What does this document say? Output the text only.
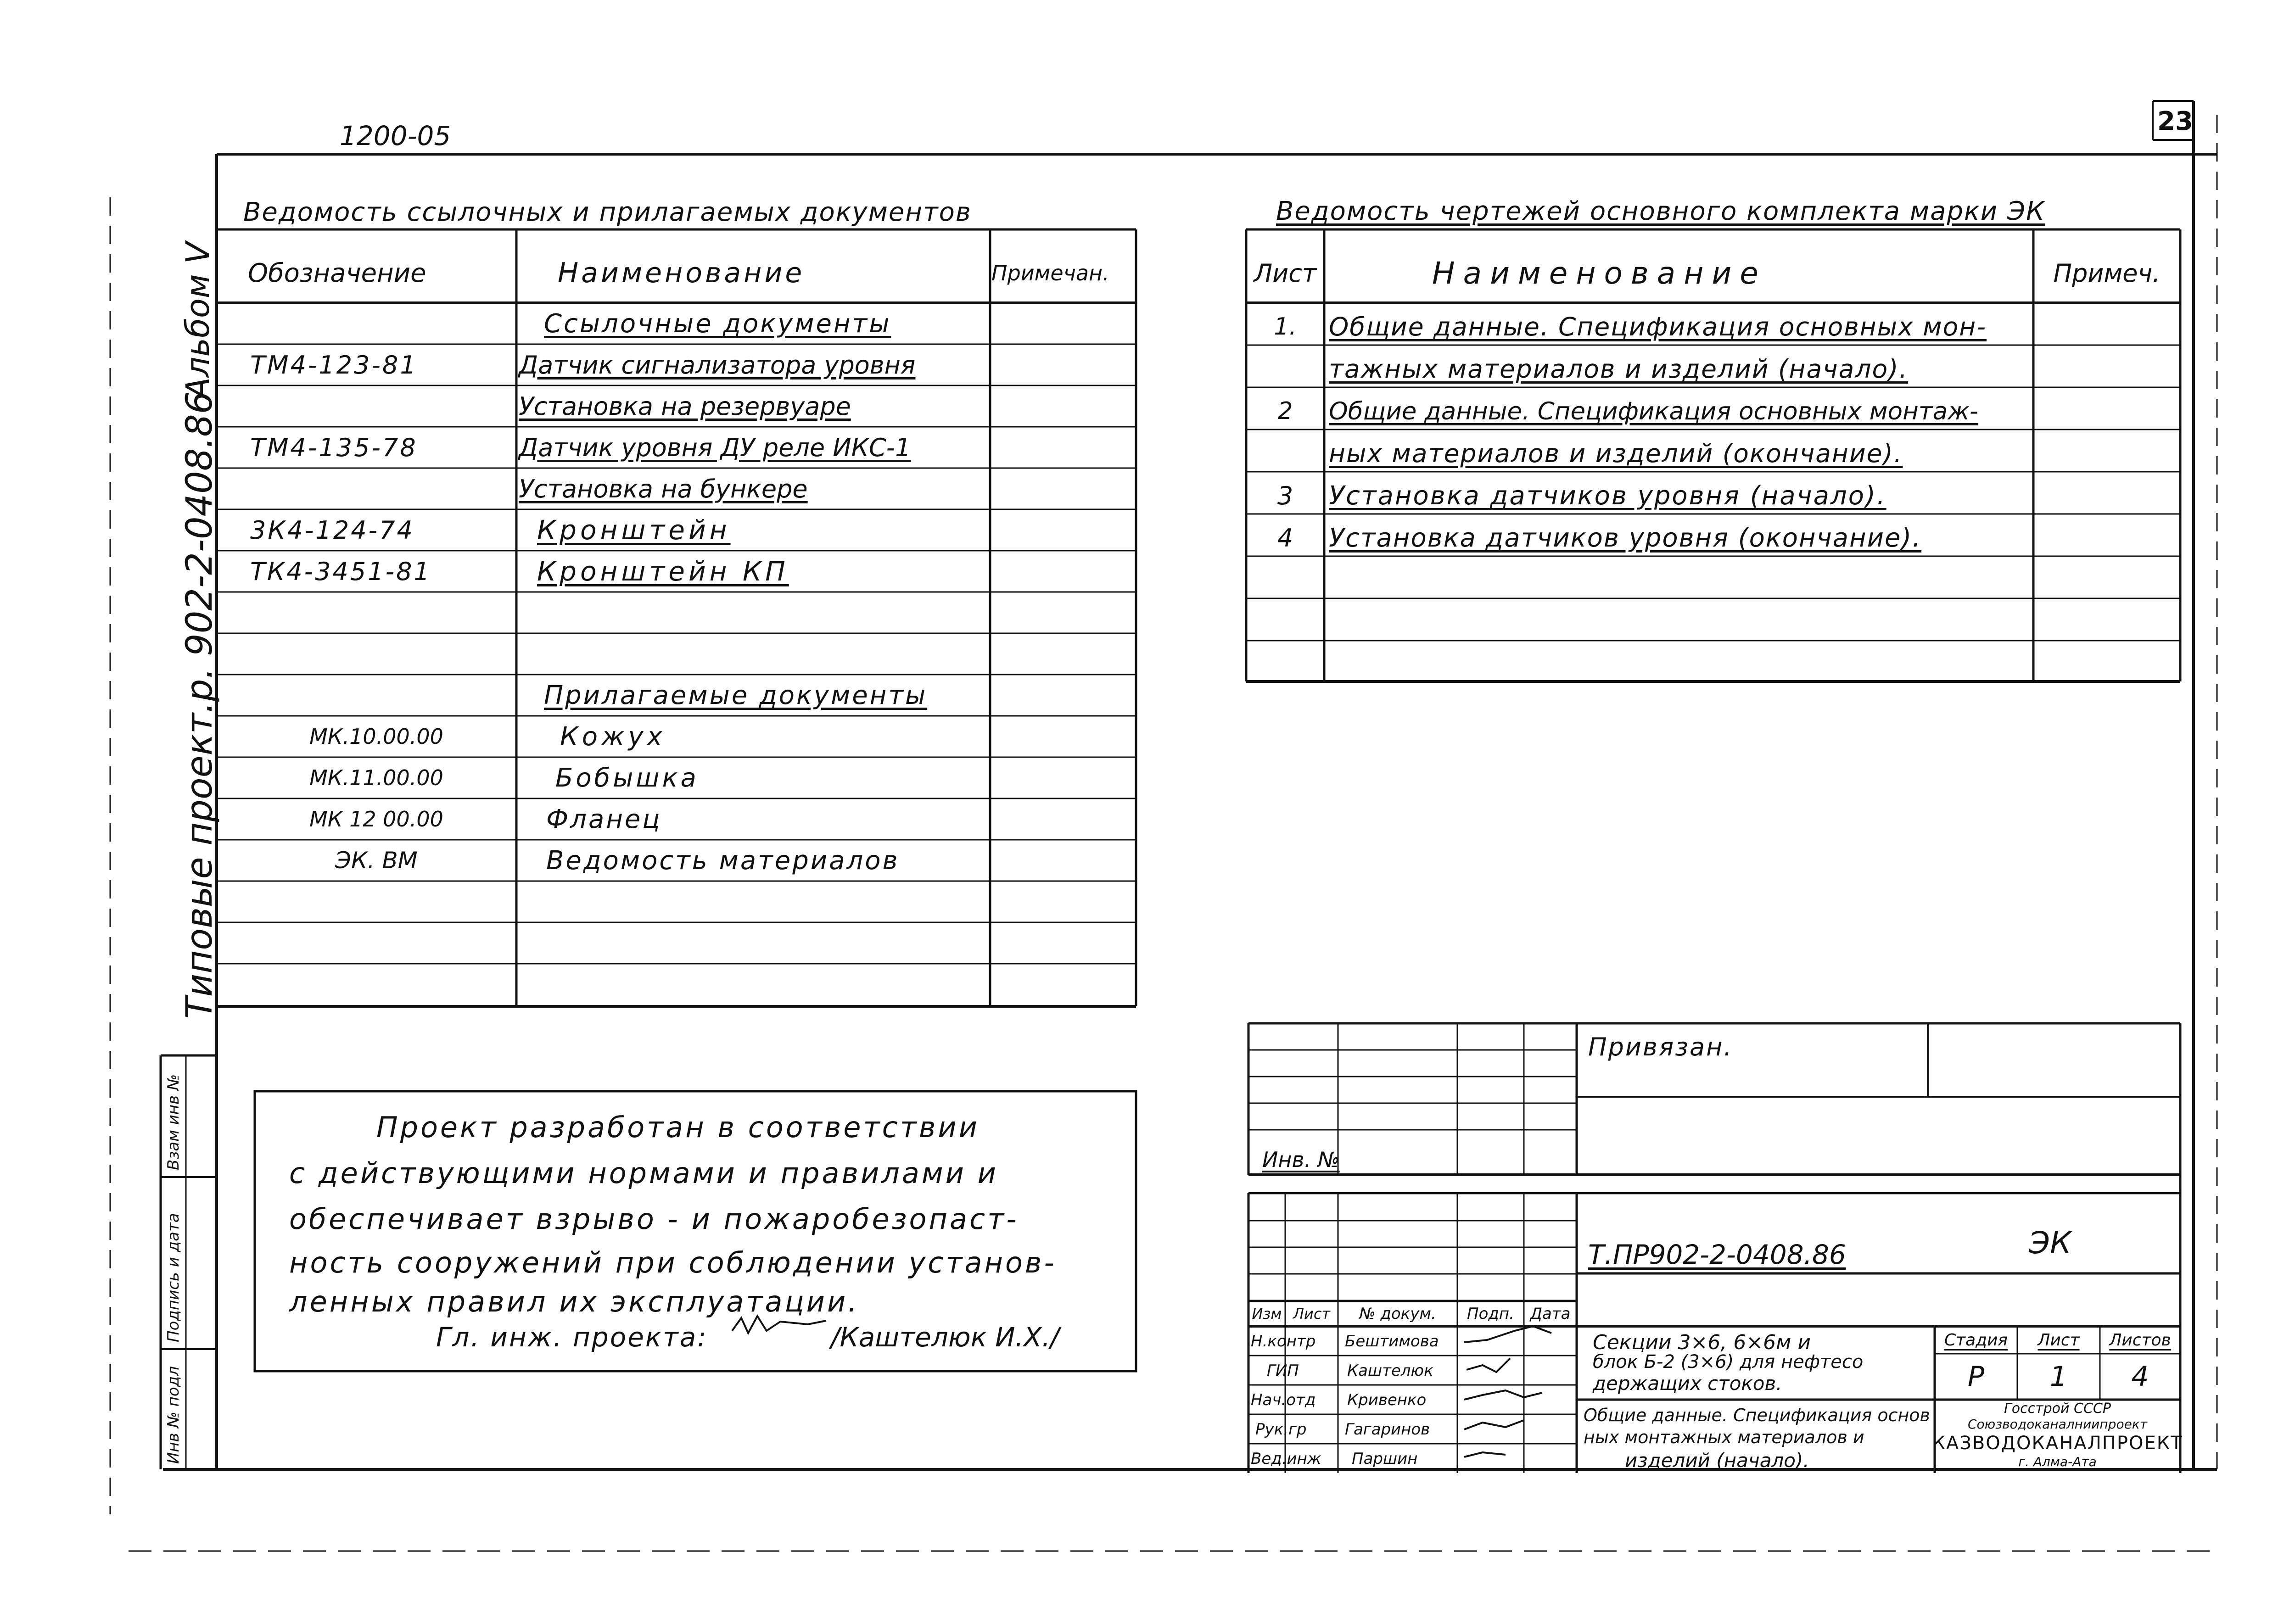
1200-05	23
Типовые проект.р. 902-2-0408.86
Альбом V
Взам инв №
Подпись и дата
Инв № подл
Ведомость ссылочных и прилагаемых документов
Обозначение	Наименование	Примечан.
Ссылочные документы
ТМ4-123-81	Датчик сигнализатора уровня
Установка на резервуаре
ТМ4-135-78	Датчик уровня ДУ реле ИКС-1
Установка на бункере
3К4-124-74	Кронштейн
ТК4-3451-81	Кронштейн КП
Прилагаемые документы
МК.10.00.00	Кожух
МК.11.00.00	Бобышка
МК 12 00.00	Фланец
ЭК. ВМ	Ведомость материалов
Ведомость чертежей основного комплекта марки ЭК
Лист	Наименование	Примеч.
1.	Общие данные. Спецификация основных мон-
тажных материалов и изделий (начало).
2	Общие данные. Спецификация основных монтаж-
ных материалов и изделий (окончание).
3	Установка датчиков уровня (начало).
4	Установка датчиков уровня (окончание).
Проект разработан в соответствии
с действующими нормами и правилами и
обеспечивает взрыво - и пожаробезопаст-
ность сооружений при соблюдении установ-
ленных правил их эксплуатации.
Гл. инж. проекта:	/Каштелюк И.Х./
Привязан.
Инв. №
Т.ПР902-2-0408.86	ЭК
Изм Лист	№ докум.	Подп.	Дата
Н.контр Бештимова
ГИП	Каштелюк
Нач.отд Кривенко
Рук.гр Гагаринов
Вед.инж Паршин
Секции 3×6, 6×6м и
блок Б-2 (3×6) для нефтесо
держащих стоков.
Общие данные. Спецификация основ
ных монтажных материалов и
изделий (начало).
Стадия	Лист	Листов
Р	1	4
Госстрой СССР
Союзводоканалниипроект
КАЗВОДОКАНАЛПРОЕКТ
г. Алма-Ата
